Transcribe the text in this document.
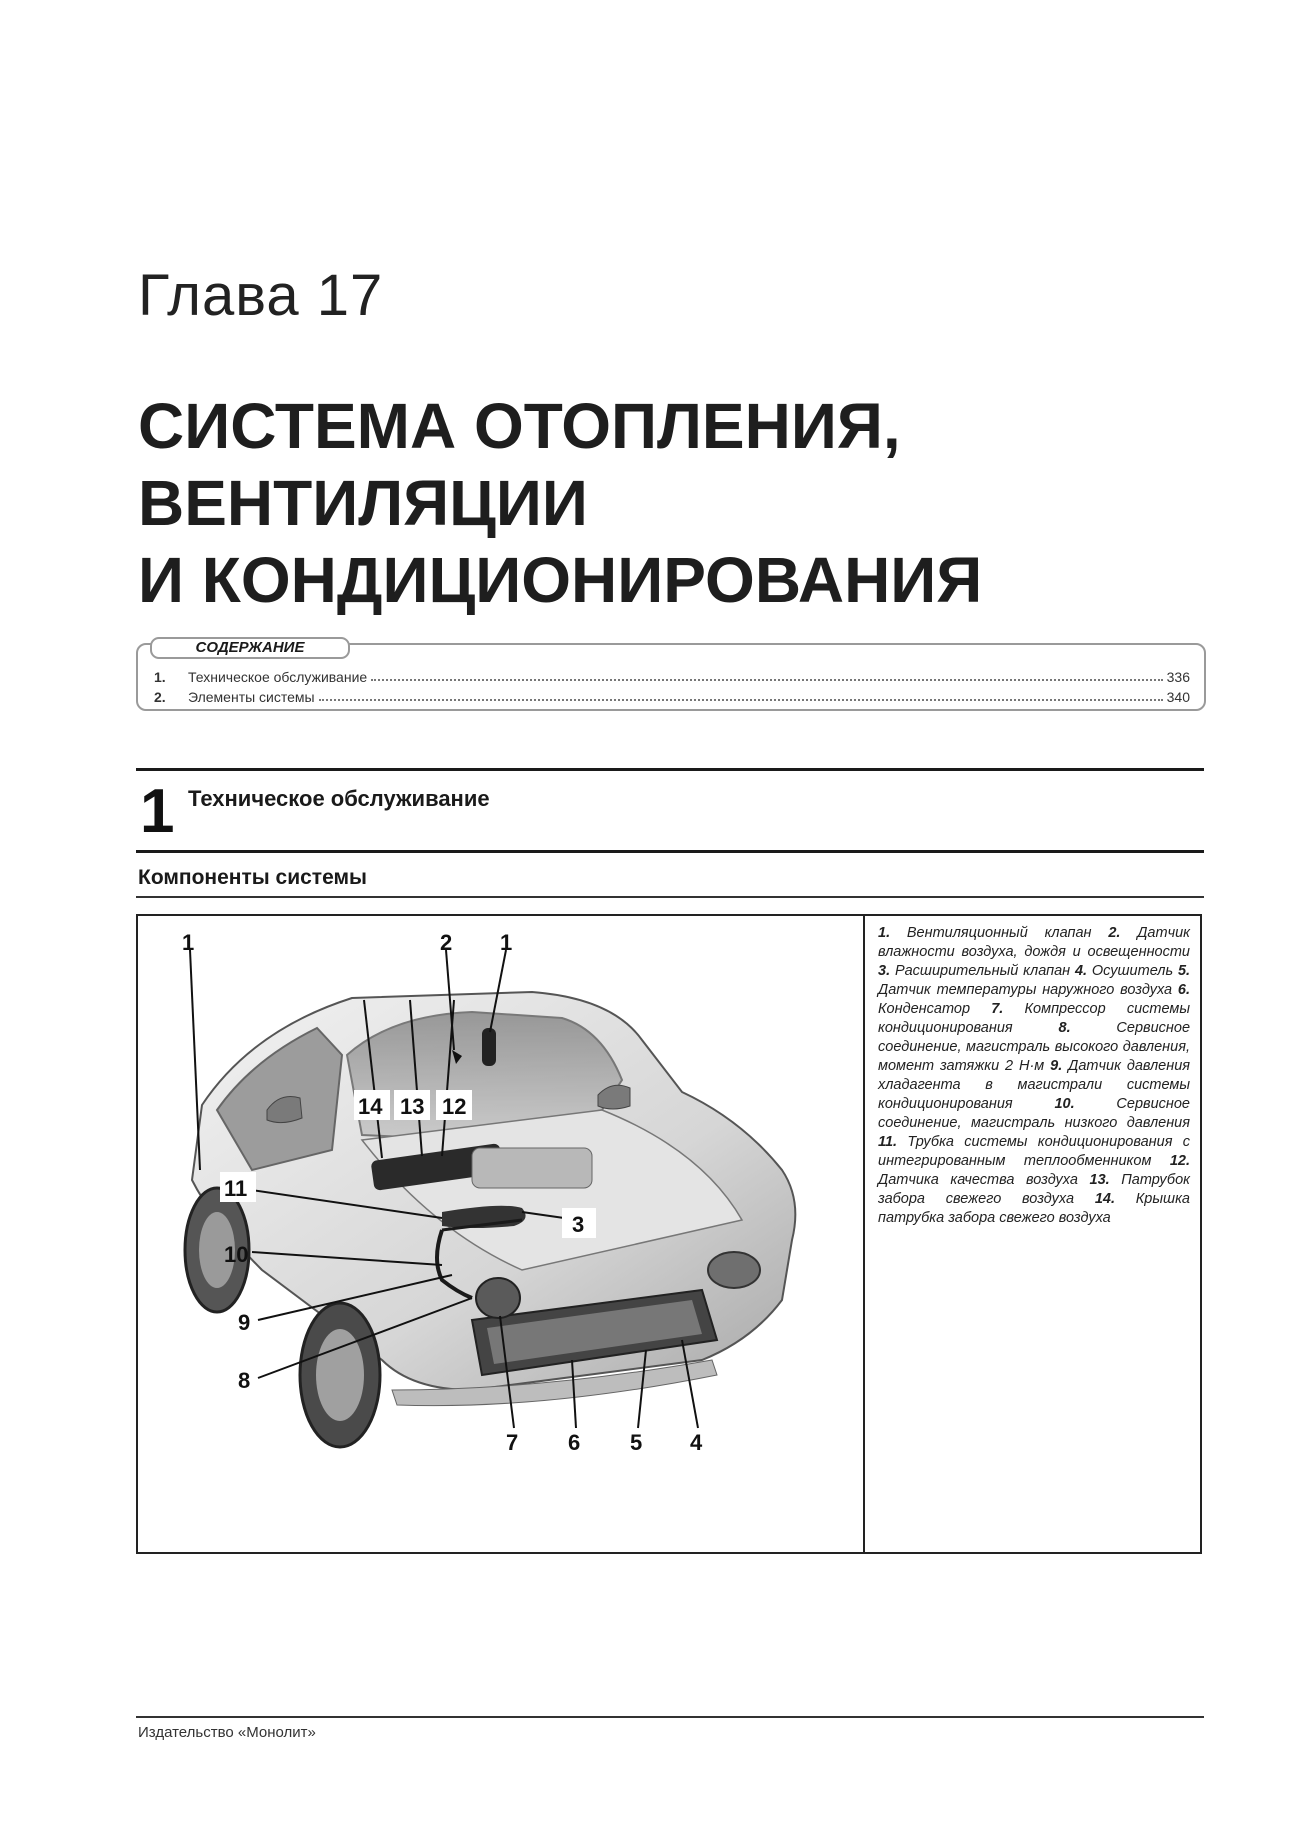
Глава 17
СИСТЕМА ОТОПЛЕНИЯ,
ВЕНТИЛЯЦИИ
И КОНДИЦИОНИРОВАНИЯ
СОДЕРЖАНИЕ
1.	Техническое обслуживание	336
2.	Элементы системы	340
1 Техническое обслуживание
Компоненты системы
1	2 1
14 13 12
11
3
10
9
8
7 6 5 4
1. Вентиляционный клапан 2. Датчик влажности воздуха, дождя и освещенности 3. Расширительный клапан 4. Осушитель 5. Датчик температуры наружного воздуха 6. Конденсатор 7. Компрессор системы кондиционирования	8.	Сервисное соединение, магистраль высокого давления, момент затяжки 2 Н·м 9. Датчик давления хладагента в магистрали системы кондиционирования	10.	Сервисное соединение, магистраль низкого давления 11. Трубка системы кондиционирования с интегрированным теплообменником 12. Датчика качества воздуха 13. Патрубок забора свежего воздуха 14. Крышка патрубка забора свежего воздуха
Издательство «Монолит»
